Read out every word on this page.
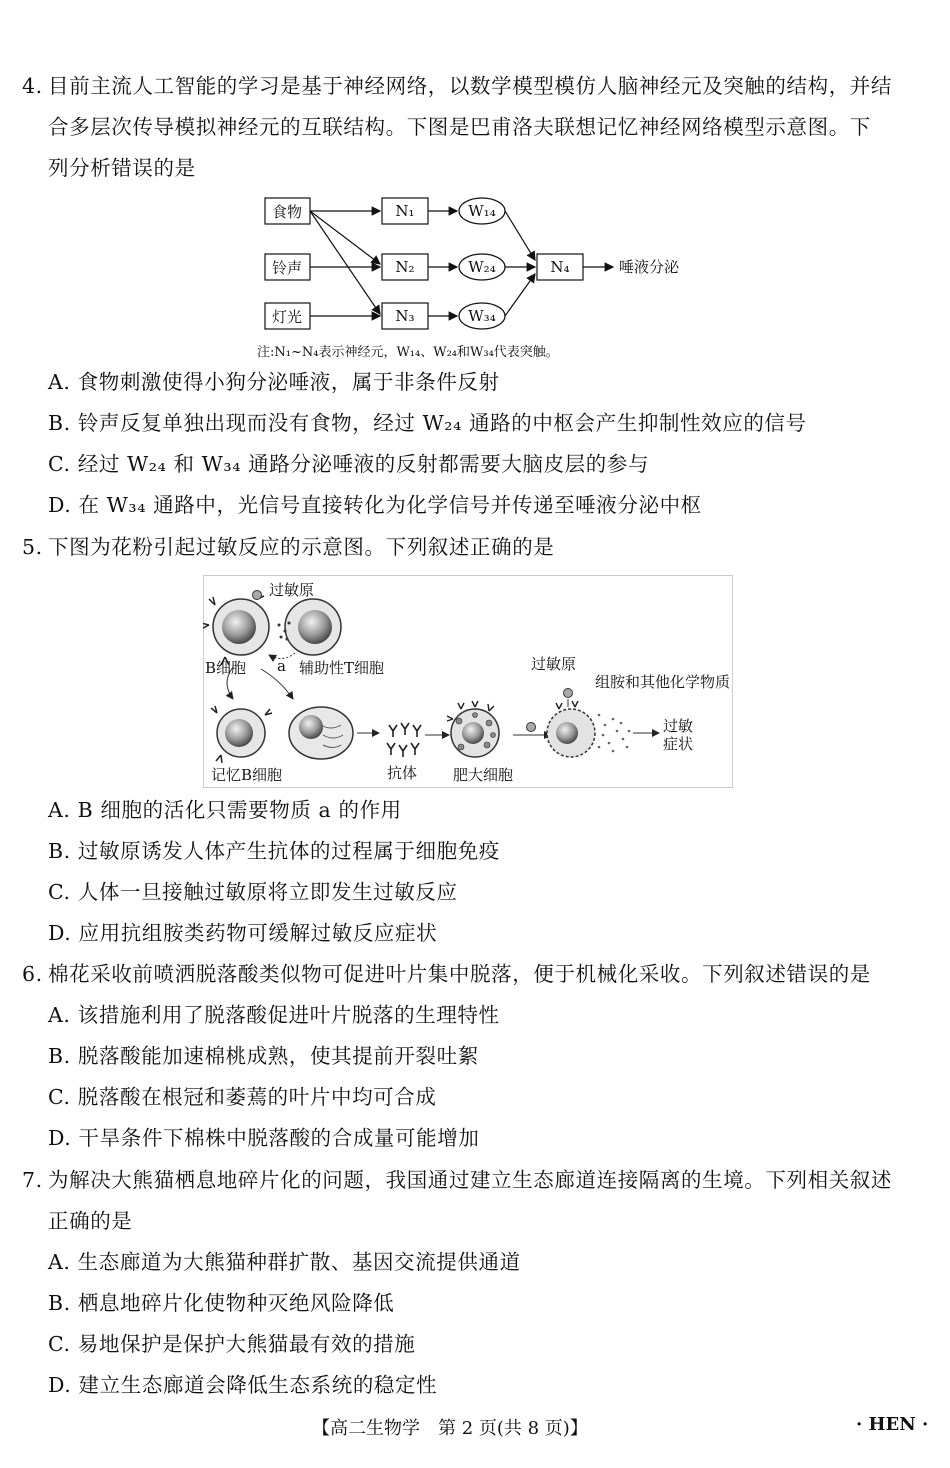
4. 目前主流人工智能的学习是基于神经网络，以数学模型模仿人脑神经元及突触的结构，并结
合多层次传导模拟神经元的互联结构。下图是巴甫洛夫联想记忆神经网络模型示意图。下
列分析错误的是
食物
铃声
灯光
N₁
N₂
N₃
N₄
W₁₄
W₂₄
W₃₄
唾液分泌
注:N₁~N₄表示神经元，W₁₄、W₂₄和W₃₄代表突触。
A. 食物刺激使得小狗分泌唾液，属于非条件反射
B. 铃声反复单独出现而没有食物，经过 W₂₄ 通路的中枢会产生抑制性效应的信号
C. 经过 W₂₄ 和 W₃₄ 通路分泌唾液的反射都需要大脑皮层的参与
D. 在 W₃₄ 通路中，光信号直接转化为化学信号并传递至唾液分泌中枢
5. 下图为花粉引起过敏反应的示意图。下列叙述正确的是
过敏原
B细胞 a 辅助性T细胞
记忆B细胞	抗体 肥大细胞
过敏原
组胺和其他化学物质
过敏
症状
A. B 细胞的活化只需要物质 a 的作用
B. 过敏原诱发人体产生抗体的过程属于细胞免疫
C. 人体一旦接触过敏原将立即发生过敏反应
D. 应用抗组胺类药物可缓解过敏反应症状
6. 棉花采收前喷洒脱落酸类似物可促进叶片集中脱落，便于机械化采收。下列叙述错误的是
A. 该措施利用了脱落酸促进叶片脱落的生理特性
B. 脱落酸能加速棉桃成熟，使其提前开裂吐絮
C. 脱落酸在根冠和萎蔫的叶片中均可合成
D. 干旱条件下棉株中脱落酸的合成量可能增加
7. 为解决大熊猫栖息地碎片化的问题，我国通过建立生态廊道连接隔离的生境。下列相关叙述
正确的是
A. 生态廊道为大熊猫种群扩散、基因交流提供通道
B. 栖息地碎片化使物种灭绝风险降低
C. 易地保护是保护大熊猫最有效的措施
D. 建立生态廊道会降低生态系统的稳定性
【高二生物学　第 2 页(共 8 页)】	· HEN ·
